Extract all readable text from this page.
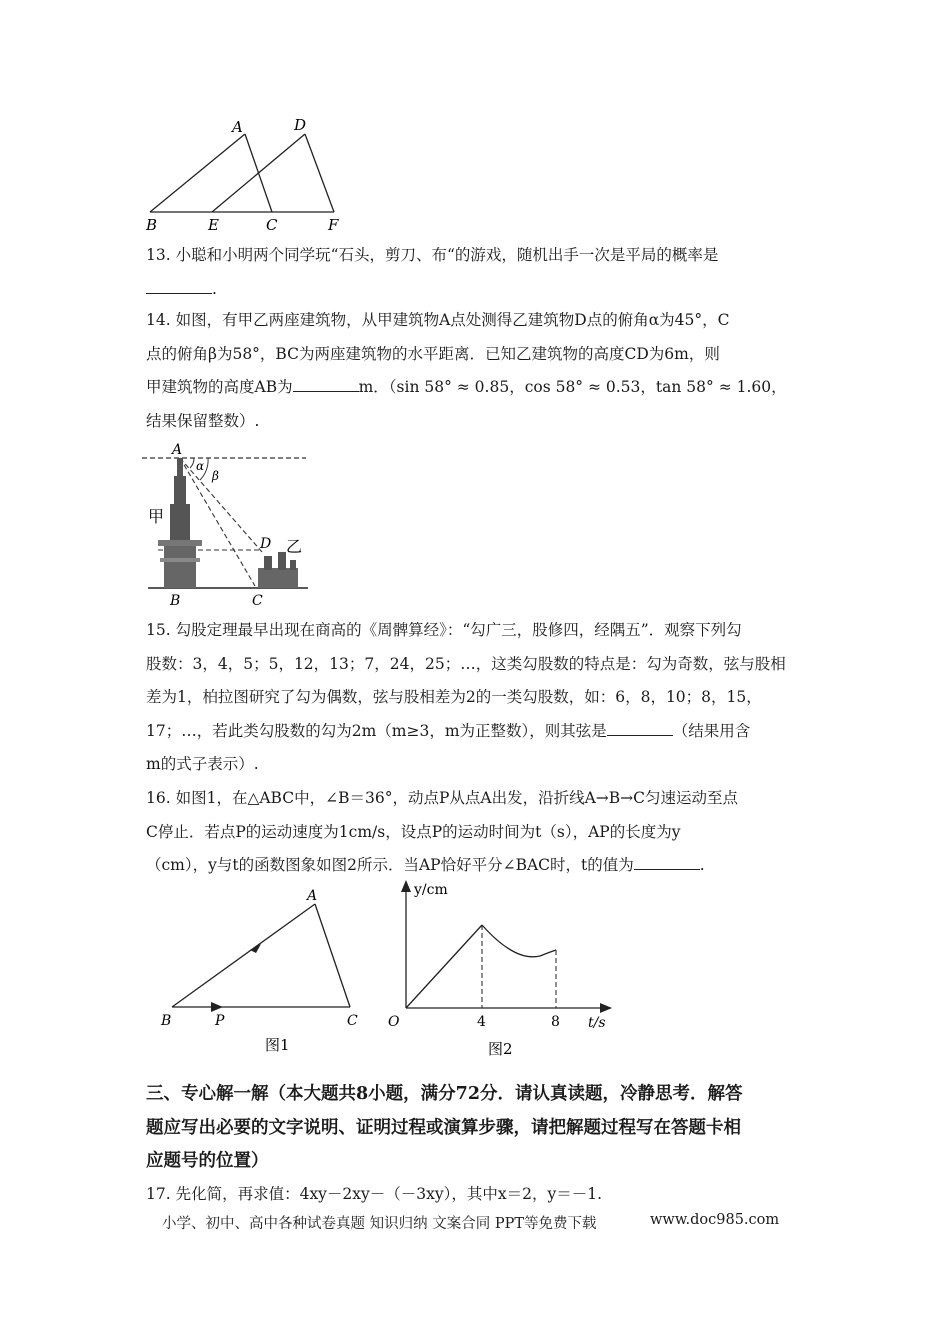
A	D
B	E	C	F
13. 小聪和小明两个同学玩“石头，剪刀、布“的游戏，随机出手一次是平局的概率是
.
14. 如图，有甲乙两座建筑物，从甲建筑物A点处测得乙建筑物D点的俯角α为45°，C
点的俯角β为58°，BC为两座建筑物的水平距离．已知乙建筑物的高度CD为6m，则
甲建筑物的高度AB为	m．（sin 58° ≈ 0.85，cos 58° ≈ 0.53，tan 58° ≈ 1.60，
结果保留整数）.
A
α
β
甲
D 乙
B	C
15. 勾股定理最早出现在商高的《周髀算经》：“勾广三，股修四，经隅五”．观察下列勾
股数：3，4，5；5，12，13；7，24，25；…，这类勾股数的特点是：勾为奇数，弦与股相
差为1，柏拉图研究了勾为偶数，弦与股相差为2的一类勾股数，如：6，8，10；8，15，
17；…，若此类勾股数的勾为2m（m≥3，m为正整数），则其弦是	（结果用含
m的式子表示）.
16. 如图1，在△ABC中，∠B＝36°，动点P从点A出发，沿折线A→B→C匀速运动至点
C停止．若点P的运动速度为1cm/s，设点P的运动时间为t（s），AP的长度为y
（cm），y与t的函数图象如图2所示．当AP恰好平分∠BAC时，t的值为	.
A
B	P	C
图1
y/cm
t/s
O	4	8
图2
三、专心解一解（本大题共8小题，满分72分．请认真读题，冷静思考．解答
题应写出必要的文字说明、证明过程或演算步骤，请把解题过程写在答题卡相
应题号的位置）
17. 先化简，再求值：4xy－2xy－（－3xy），其中x＝2，y＝－1.
小学、初中、高中各种试卷真题 知识归纳 文案合同 PPT等免费下载	www.doc985.com
